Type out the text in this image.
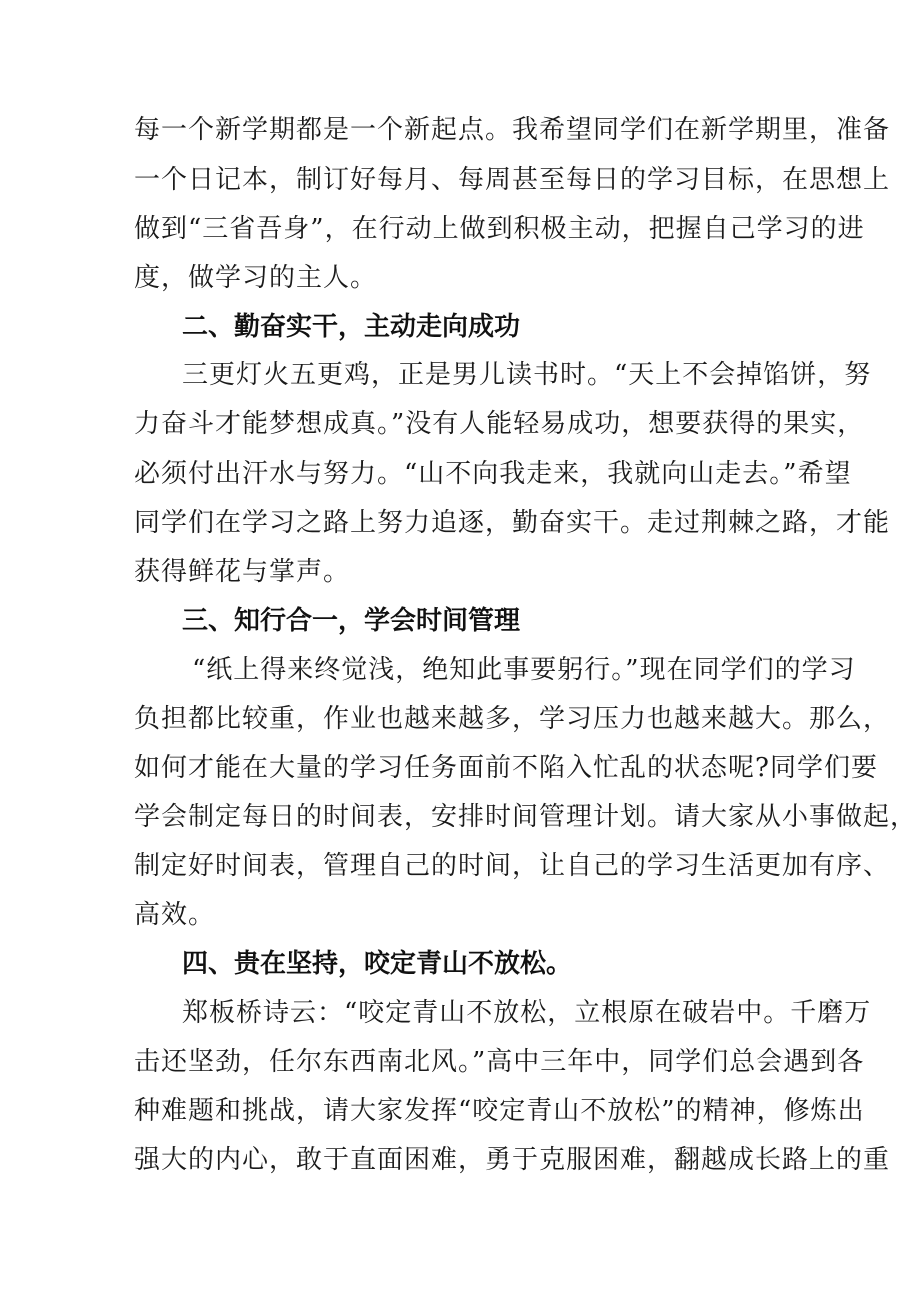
每一个新学期都是一个新起点。我希望同学们在新学期里，准备
一个日记本，制订好每月、每周甚至每日的学习目标，在思想上
做到“三省吾身”，在行动上做到积极主动，把握自己学习的进
度，做学习的主人。
二、勤奋实干，主动走向成功
三更灯火五更鸡，正是男儿读书时。“天上不会掉馅饼，努
力奋斗才能梦想成真。”没有人能轻易成功，想要获得的果实，
必须付出汗水与努力。“山不向我走来，我就向山走去。”希望
同学们在学习之路上努力追逐，勤奋实干。走过荆棘之路，才能
获得鲜花与掌声。
三、知行合一，学会时间管理
“纸上得来终觉浅，绝知此事要躬行。”现在同学们的学习
负担都比较重，作业也越来越多，学习压力也越来越大。那么，
如何才能在大量的学习任务面前不陷入忙乱的状态呢?同学们要
学会制定每日的时间表，安排时间管理计划。请大家从小事做起，
制定好时间表，管理自己的时间，让自己的学习生活更加有序、
高效。
四、贵在坚持，咬定青山不放松。
郑板桥诗云：“咬定青山不放松，立根原在破岩中。千磨万
击还坚劲，任尔东西南北风。”高中三年中，同学们总会遇到各
种难题和挑战，请大家发挥“咬定青山不放松”的精神，修炼出
强大的内心，敢于直面困难，勇于克服困难，翻越成长路上的重
